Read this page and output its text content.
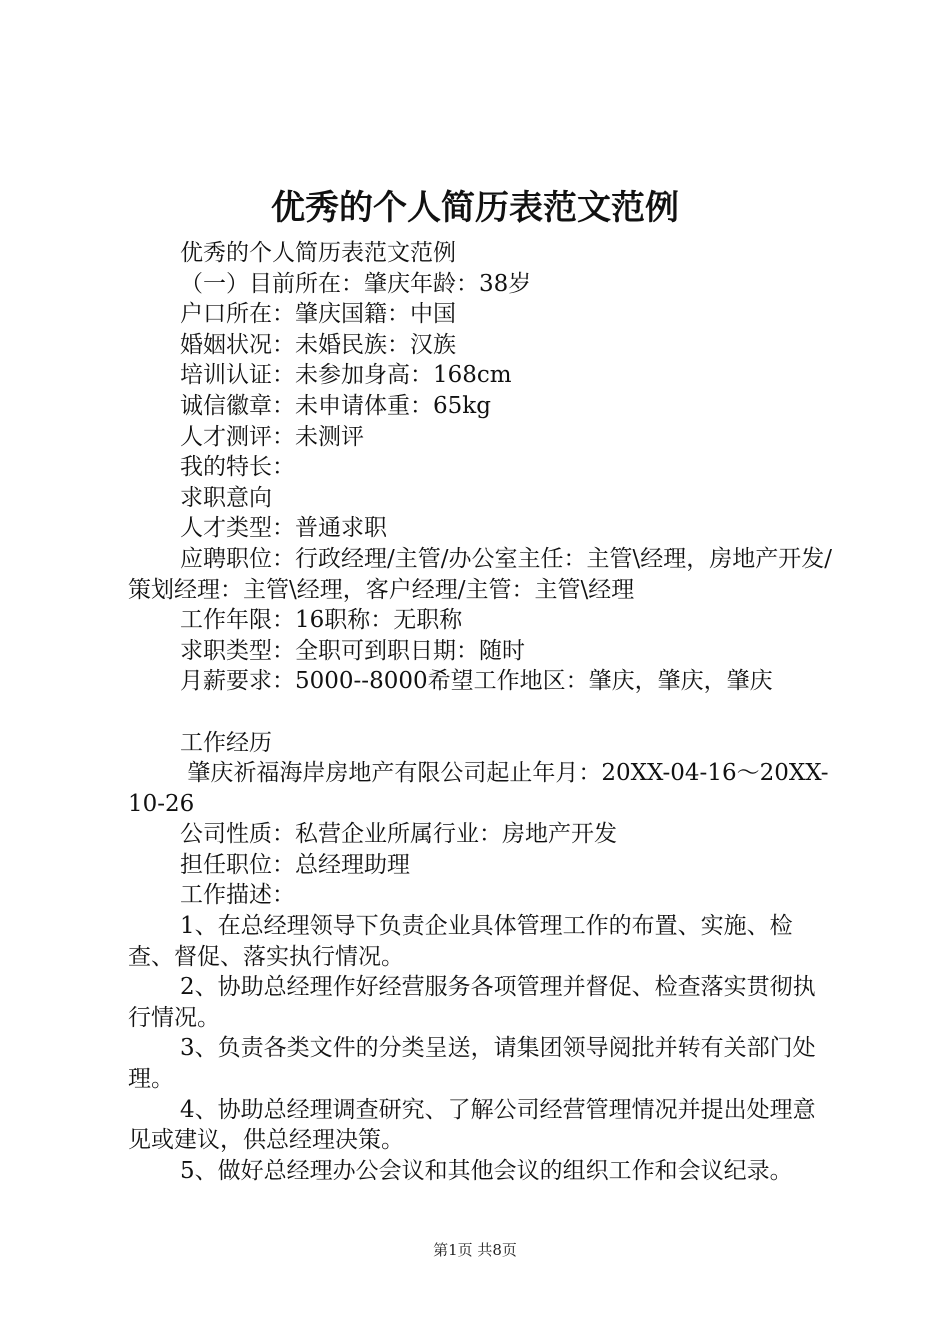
优秀的个人简历表范文范例

优秀的个人简历表范文范例

（一）目前所在：肇庆年龄：38岁

户口所在：肇庆国籍：中国

婚姻状况：未婚民族：汉族

培训认证：未参加身高：168cm

诚信徽章：未申请体重：65kg

人才测评：未测评

我的特长：

求职意向

人才类型：普通求职

应聘职位：行政经理/主管/办公室主任：主管\经理，房地产开发/策划经理：主管\经理，客户经理/主管：主管\经理

工作年限：16职称：无职称

求职类型：全职可到职日期：随时

月薪要求：5000--8000希望工作地区：肇庆，肇庆，肇庆

工作经历

肇庆祈福海岸房地产有限公司起止年月：20XX-04-16～20XX-10-26

公司性质：私营企业所属行业：房地产开发

担任职位：总经理助理

工作描述：

1、在总经理领导下负责企业具体管理工作的布置、实施、检查、督促、落实执行情况。

2、协助总经理作好经营服务各项管理并督促、检查落实贯彻执行情况。

3、负责各类文件的分类呈送，请集团领导阅批并转有关部门处理。

4、协助总经理调查研究、了解公司经营管理情况并提出处理意见或建议，供总经理决策。

5、做好总经理办公会议和其他会议的组织工作和会议纪录。

第1页 共8页
